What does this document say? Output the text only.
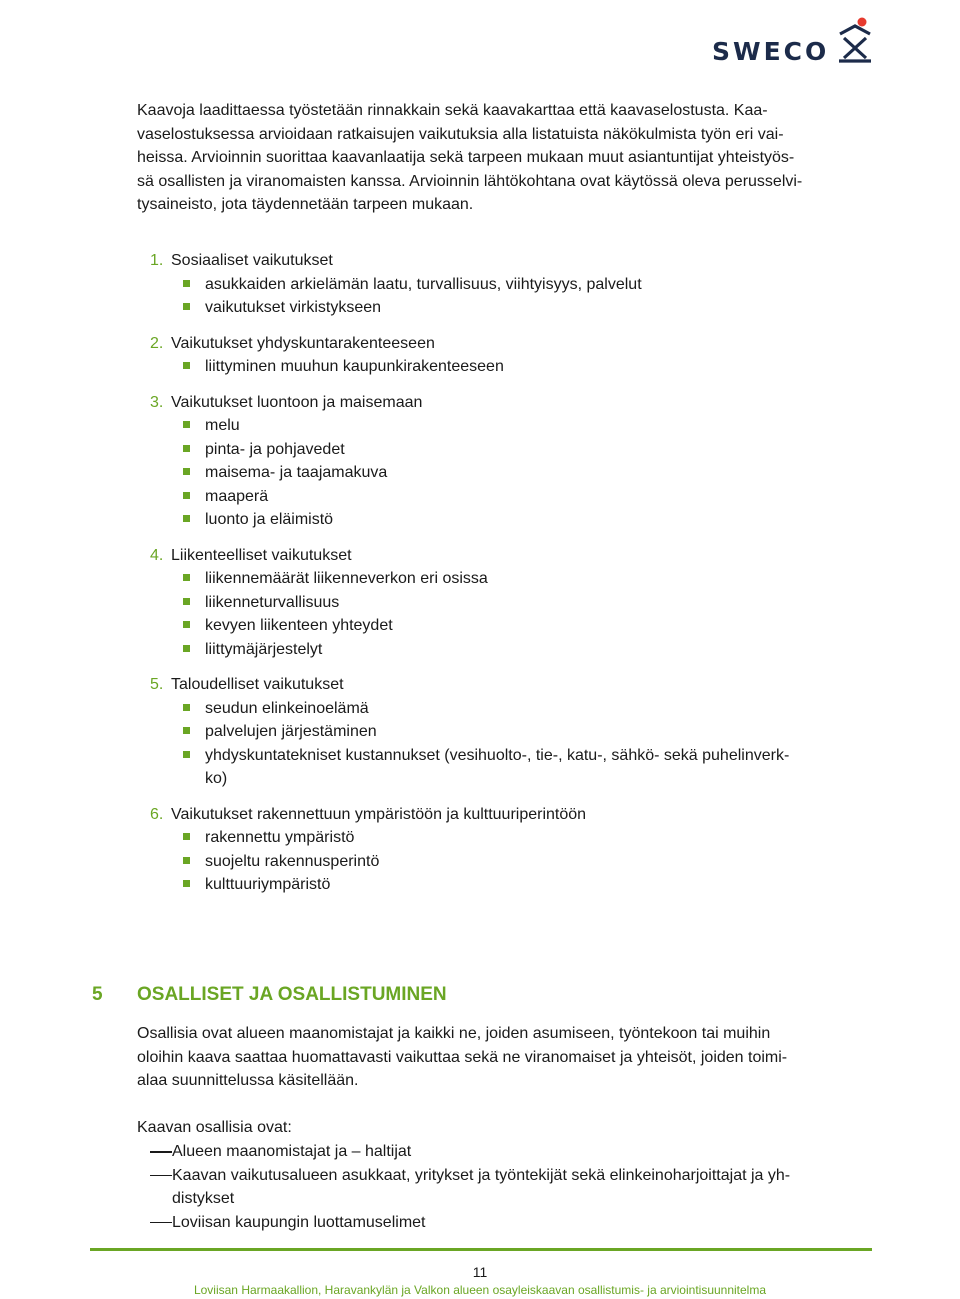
SWECO
Kaavoja laadittaessa työstetään rinnakkain sekä kaavakarttaa että kaavaselostusta. Kaa-
vaselostuksessa arvioidaan ratkaisujen vaikutuksia alla listatuista näkökulmista työn eri vai-
heissa. Arvioinnin suorittaa kaavanlaatija sekä tarpeen mukaan muut asiantuntijat yhteistyös-
sä osallisten ja viranomaisten kanssa. Arvioinnin lähtökohtana ovat käytössä oleva perusselvi-
tysaineisto, jota täydennetään tarpeen mukaan.
1. Sosiaaliset vaikutukset
asukkaiden arkielämän laatu, turvallisuus, viihtyisyys, palvelut
vaikutukset virkistykseen
2. Vaikutukset yhdyskuntarakenteeseen
liittyminen muuhun kaupunkirakenteeseen
3. Vaikutukset luontoon ja maisemaan
melu
pinta- ja pohjavedet
maisema- ja taajamakuva
maaperä
luonto ja eläimistö
4. Liikenteelliset vaikutukset
liikennemäärät liikenneverkon eri osissa
liikenneturvallisuus
kevyen liikenteen yhteydet
liittymäjärjestelyt
5. Taloudelliset vaikutukset
seudun elinkeinoelämä
palvelujen järjestäminen
yhdyskuntatekniset kustannukset (vesihuolto-, tie-, katu-, sähkö- sekä puhelinverk-
ko)
6. Vaikutukset rakennettuun ympäristöön ja kulttuuriperintöön
rakennettu ympäristö
suojeltu rakennusperintö
kulttuuriympäristö
5 OSALLISET JA OSALLISTUMINEN
Osallisia ovat alueen maanomistajat ja kaikki ne, joiden asumiseen, työntekoon tai muihin
oloihin kaava saattaa huomattavasti vaikuttaa sekä ne viranomaiset ja yhteisöt, joiden toimi-
alaa suunnittelussa käsitellään.
Kaavan osallisia ovat:
Alueen maanomistajat ja – haltijat
Kaavan vaikutusalueen asukkaat, yritykset ja työntekijät sekä elinkeinoharjoittajat ja yh-
distykset
Loviisan kaupungin luottamuselimet
11
Loviisan Harmaakallion, Haravankylän ja Valkon alueen osayleiskaavan osallistumis- ja arviointisuunnitelma
